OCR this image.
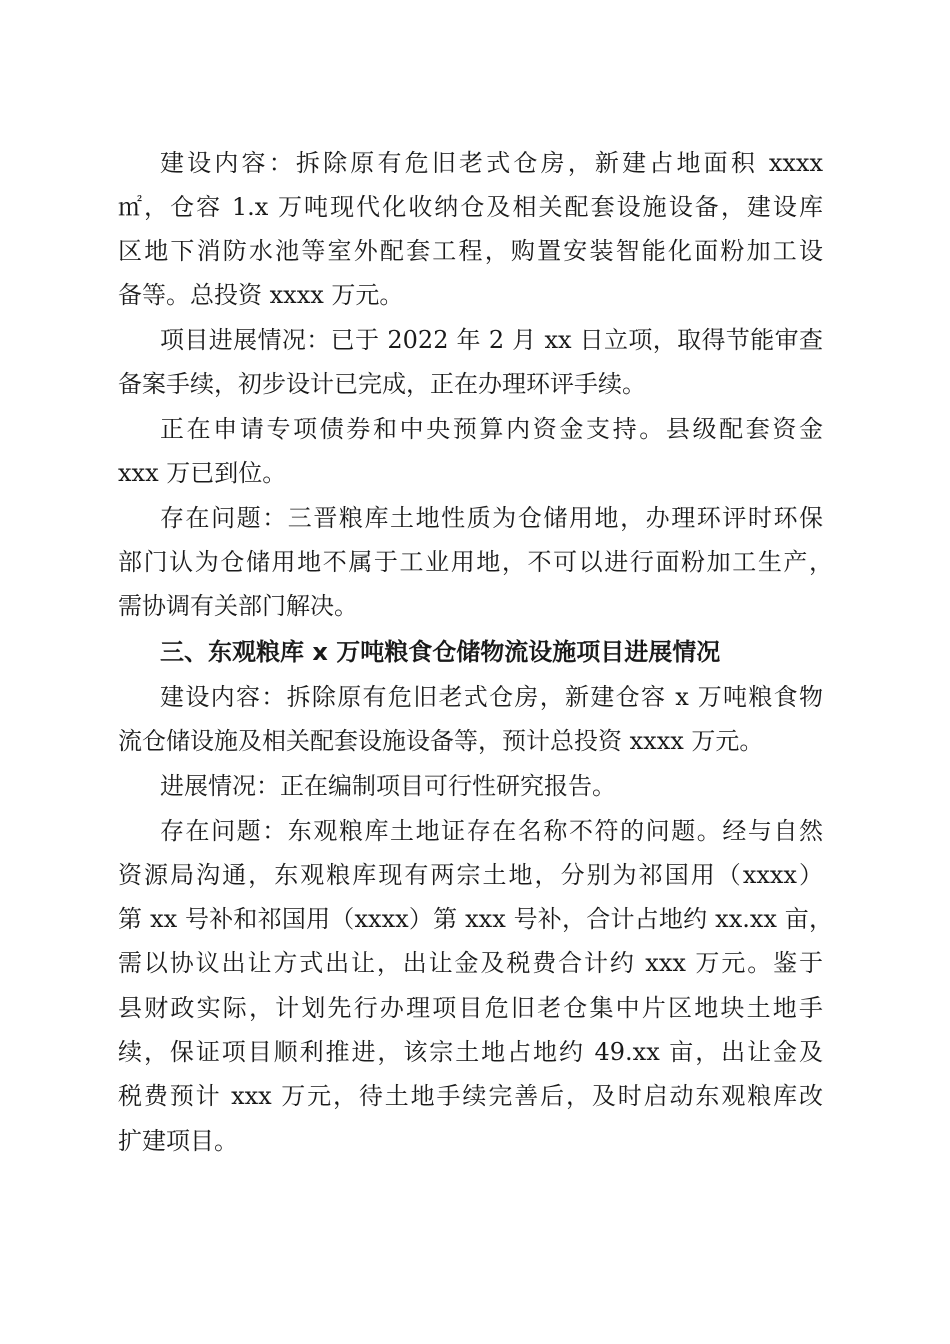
建设内容：拆除原有危旧老式仓房，新建占地面积 xxxx
㎡，仓容 1.x 万吨现代化收纳仓及相关配套设施设备，建设库
区地下消防水池等室外配套工程，购置安装智能化面粉加工设
备等。总投资 xxxx 万元。
项目进展情况：已于 2022 年 2 月 xx 日立项，取得节能审查
备案手续，初步设计已完成，正在办理环评手续。
正在申请专项债券和中央预算内资金支持。县级配套资金
xxx 万已到位。
存在问题：三晋粮库土地性质为仓储用地，办理环评时环保
部门认为仓储用地不属于工业用地，不可以进行面粉加工生产，
需协调有关部门解决。
三、东观粮库 x 万吨粮食仓储物流设施项目进展情况
建设内容：拆除原有危旧老式仓房，新建仓容 x 万吨粮食物
流仓储设施及相关配套设施设备等，预计总投资 xxxx 万元。
进展情况：正在编制项目可行性研究报告。
存在问题：东观粮库土地证存在名称不符的问题。经与自然
资源局沟通，东观粮库现有两宗土地，分别为祁国用（xxxx）
第 xx 号补和祁国用（xxxx）第 xxx 号补，合计占地约 xx.xx 亩，
需以协议出让方式出让，出让金及税费合计约 xxx 万元。鉴于
县财政实际，计划先行办理项目危旧老仓集中片区地块土地手
续，保证项目顺利推进，该宗土地占地约 49.xx 亩，出让金及
税费预计 xxx 万元，待土地手续完善后，及时启动东观粮库改
扩建项目。
